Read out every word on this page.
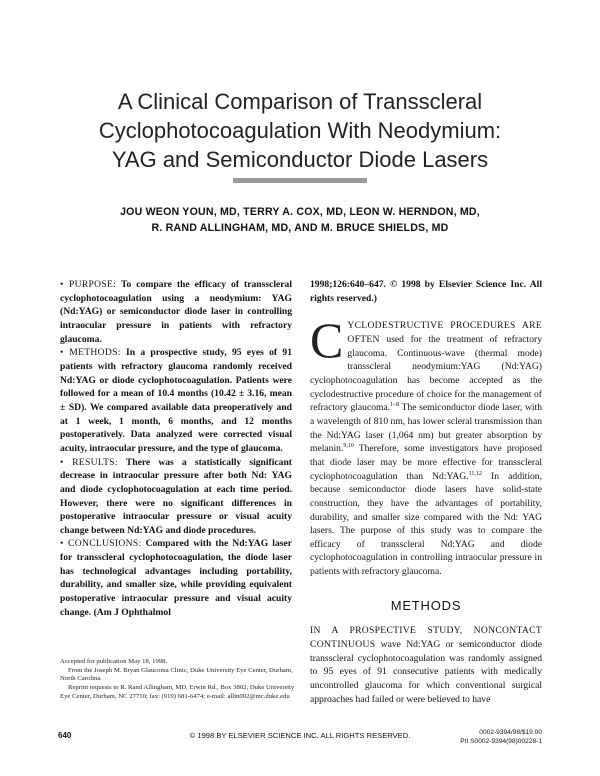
A Clinical Comparison of Transscleral
Cyclophotocoagulation With Neodymium:
YAG and Semiconductor Diode Lasers
JOU WEON YOUN, MD, TERRY A. COX, MD, LEON W. HERNDON, MD,
R. RAND ALLINGHAM, MD, AND M. BRUCE SHIELDS, MD

• PURPOSE: To compare the efficacy of transscleral cyclophotocoagulation using a neodymium: YAG (Nd:YAG) or semiconductor diode laser in controlling intraocular pressure in patients with refractory glaucoma.

• METHODS: In a prospective study, 95 eyes of 91 patients with refractory glaucoma randomly received Nd:YAG or diode cyclophotocoagulation. Patients were followed for a mean of 10.4 months (10.42 ± 3.16, mean ± SD). We compared available data preoperatively and at 1 week, 1 month, 6 months, and 12 months postoperatively. Data analyzed were corrected visual acuity, intraocular pressure, and the type of glaucoma.

• RESULTS: There was a statistically significant decrease in intraocular pressure after both Nd: YAG and diode cyclophotocoagulation at each time period. However, there were no significant differences in postoperative intraocular pressure or visual acuity change between Nd:YAG and diode procedures.

• CONCLUSIONS: Compared with the Nd:YAG laser for transscleral cyclophotocoagulation, the diode laser has technological advantages including portability, durability, and smaller size, while providing equivalent postoperative intraocular pressure and visual acuity change. (Am J Ophthalmol

1998;126:640–647. © 1998 by Elsevier Science Inc. All rights reserved.)

CYCLODESTRUCTIVE PROCEDURES ARE OFTEN used for the treatment of refractory glaucoma. Continuous-wave (thermal mode) transscleral neodymium:YAG (Nd:YAG) cyclophotocoagulation has become accepted as the cyclodestructive procedure of choice for the management of refractory glaucoma.$^{1-8}$ The semiconductor diode laser, with a wavelength of 810 nm, has lower scleral transmission than the Nd:YAG laser (1,064 nm) but greater absorption by melanin.$^{9,10}$ Therefore, some investigators have proposed that diode laser may be more effective for transscleral cyclophotocoagulation than Nd:YAG.$^{11,12}$ In addition, because semiconductor diode lasers have solid-state construction, they have the advantages of portability, durability, and smaller size compared with the Nd: YAG lasers. The purpose of this study was to compare the efficacy of transscleral Nd:YAG and diode cyclophotocoagulation in controlling intraocular pressure in patients with refractory glaucoma.

METHODS

IN A PROSPECTIVE STUDY, NONCONTACT CONTINUOUS wave Nd:YAG or semiconductor diode transscleral cyclophotocoagulation was randomly assigned to 95 eyes of 91 consecutive patients with medically uncontrolled glaucoma for which conventional surgical approaches had failed or were believed to have

Accepted for publication May 18, 1998.

From the Joseph M. Bryan Glaucoma Clinic, Duke University Eye Center, Durham, North Carolina.

Reprint requests to R. Rand Allingham, MD, Erwin Rd., Box 3802, Duke University Eye Center, Durham, NC 27710; fax: (919) 681-6474; e-mail: allin002@mc.duke.edu

640	© 1998 BY ELSEVIER SCIENCE INC. ALL RIGHTS RESERVED.	0002-9394/98/$19.00
PII S0002-9394(98)00228-1
